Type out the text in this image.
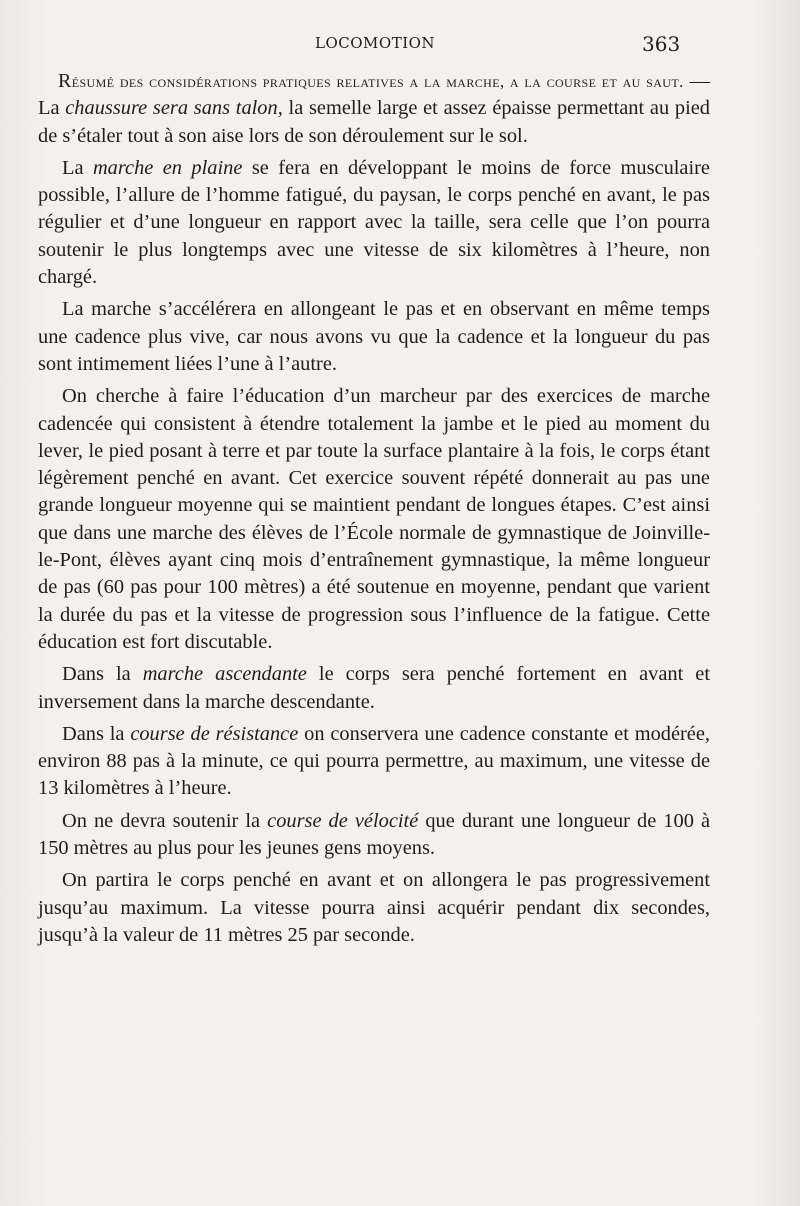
LOCOMOTION	363

Résumé des considérations pratiques relatives a la marche, a la course et au saut. — La chaussure sera sans talon, la semelle large et assez épaisse permettant au pied de s’étaler tout à son aise lors de son déroulement sur le sol.

La marche en plaine se fera en développant le moins de force musculaire possible, l’allure de l’homme fatigué, du paysan, le corps penché en avant, le pas régulier et d’une longueur en rapport avec la taille, sera celle que l’on pourra soutenir le plus longtemps avec une vitesse de six kilomètres à l’heure, non chargé.

La marche s’accélérera en allongeant le pas et en observant en même temps une cadence plus vive, car nous avons vu que la cadence et la longueur du pas sont intimement liées l’une à l’autre.

On cherche à faire l’éducation d’un marcheur par des exercices de marche cadencée qui consistent à étendre totalement la jambe et le pied au moment du lever, le pied posant à terre et par toute la surface plantaire à la fois, le corps étant légèrement penché en avant. Cet exercice souvent répété donnerait au pas une grande longueur moyenne qui se maintient pendant de longues étapes. C’est ainsi que dans une marche des élèves de l’École normale de gymnastique de Joinville-le-Pont, élèves ayant cinq mois d’entraînement gymnastique, la même longueur de pas (60 pas pour 100 mètres) a été soutenue en moyenne, pendant que varient la durée du pas et la vitesse de progression sous l’influence de la fatigue. Cette éducation est fort discutable.

Dans la marche ascendante le corps sera penché fortement en avant et inversement dans la marche descendante.

Dans la course de résistance on conservera une cadence constante et modérée, environ 88 pas à la minute, ce qui pourra permettre, au maximum, une vitesse de 13 kilomètres à l’heure.

On ne devra soutenir la course de vélocité que durant une longueur de 100 à 150 mètres au plus pour les jeunes gens moyens.

On partira le corps penché en avant et on allongera le pas progressivement jusqu’au maximum. La vitesse pourra ainsi acquérir pendant dix secondes, jusqu’à la valeur de 11 mètres 25 par seconde.
